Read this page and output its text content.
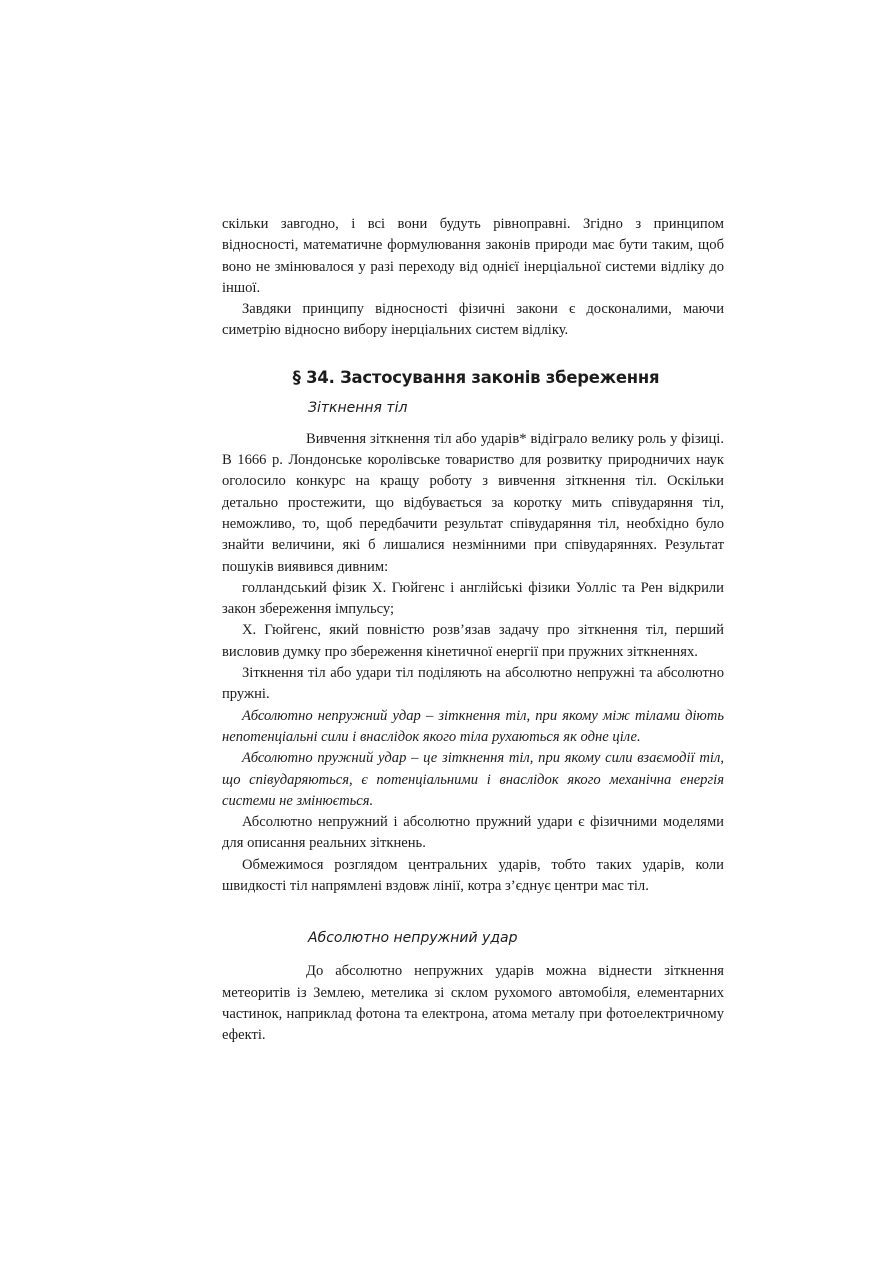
скільки завгодно, і всі вони будуть рівноправні. Згідно з принципом відносності, математичне формулювання законів природи має бути таким, щоб воно не змінювалося у разі переходу від однієї інерціальної системи відліку до іншої.

Завдяки принципу відносності фізичні закони є досконалими, маючи симетрію відносно вибору інерціальних систем відліку.

§ 34. Застосування законів збереження
Зіткнення тіл

Вивчення зіткнення тіл або ударів* відіграло велику роль у фізиці. В 1666 р. Лондонське королівське товариство для розвитку природничих наук оголосило конкурс на кращу роботу з вивчення зіткнення тіл. Оскільки детально простежити, що відбувається за коротку мить співударяння тіл, неможливо, то, щоб передбачити результат співударяння тіл, необхідно було знайти величини, які б лишалися незмінними при співударяннях. Результат пошуків виявився дивним:

голландський фізик X. Гюйгенс і англійські фізики Уолліс та Рен відкрили закон збереження імпульсу;

X. Гюйгенс, який повністю розв’язав задачу про зіткнення тіл, перший висловив думку про збереження кінетичної енергії при пружних зіткненнях.

Зіткнення тіл або удари тіл поділяють на абсолютно непружні та абсолютно пружні.

Абсолютно непружний удар – зіткнення тіл, при якому між тілами діють непотенціальні сили і внаслідок якого тіла рухаються як одне ціле.

Абсолютно пружний удар – це зіткнення тіл, при якому сили взаємодії тіл, що співударяються, є потенціальними і внаслідок якого механічна енергія системи не змінюється.

Абсолютно непружний і абсолютно пружний удари є фізичними моделями для описання реальних зіткнень.

Обмежимося розглядом центральних ударів, тобто таких ударів, коли швидкості тіл напрямлені вздовж лінії, котра з’єднує центри мас тіл.

Абсолютно непружний удар

До абсолютно непружних ударів можна віднести зіткнення метеоритів із Землею, метелика зі склом рухомого автомобіля, елементарних частинок, наприклад фотона та електрона, атома металу при фотоелектричному ефекті.
